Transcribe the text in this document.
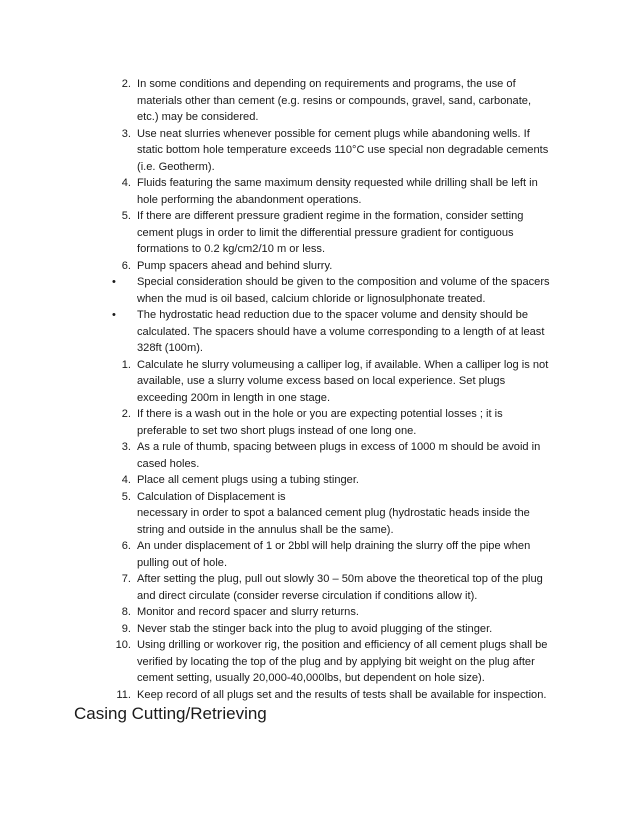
2. In some conditions and depending on requirements and programs, the use of
materials other than cement (e.g. resins or compounds, gravel, sand, carbonate,
etc.) may be considered.
3. Use neat slurries whenever possible for cement plugs while abandoning wells. If
static bottom hole temperature exceeds 110°C use special non degradable cements
(i.e. Geotherm).
4. Fluids featuring the same maximum density requested while drilling shall be left in
hole performing the abandonment operations.
5. If there are different pressure gradient regime in the formation, consider setting
cement plugs in order to limit the differential pressure gradient for contiguous
formations to 0.2 kg/cm2/10 m or less.
6. Pump spacers ahead and behind slurry.
•	Special consideration should be given to the composition and volume of the spacers
when the mud is oil based, calcium chloride or lignosulphonate treated.
•	The hydrostatic head reduction due to the spacer volume and density should be
calculated. The spacers should have a volume corresponding to a length of at least
328ft (100m).
1. Calculate he slurry volumeusing a calliper log, if available. When a calliper log is not
available, use a slurry volume excess based on local experience. Set plugs
exceeding 200m in length in one stage.
2. If there is a wash out in the hole or you are expecting potential losses ; it is
preferable to set two short plugs instead of one long one.
3. As a rule of thumb, spacing between plugs in excess of 1000 m should be avoid in
cased holes.
4. Place all cement plugs using a tubing stinger.
5. Calculation of Displacement is
necessary in order to spot a balanced cement plug (hydrostatic heads inside the
string and outside in the annulus shall be the same).
6. An under displacement of 1 or 2bbl will help draining the slurry off the pipe when
pulling out of hole.
7. After setting the plug, pull out slowly 30 – 50m above the theoretical top of the plug
and direct circulate (consider reverse circulation if conditions allow it).
8. Monitor and record spacer and slurry returns.
9. Never stab the stinger back into the plug to avoid plugging of the stinger.
10. Using drilling or workover rig, the position and efficiency of all cement plugs shall be
verified by locating the top of the plug and by applying bit weight on the plug after
cement setting, usually 20,000-40,000lbs, but dependent on hole size).
11. Keep record of all plugs set and the results of tests shall be available for inspection.
Casing Cutting/Retrieving
